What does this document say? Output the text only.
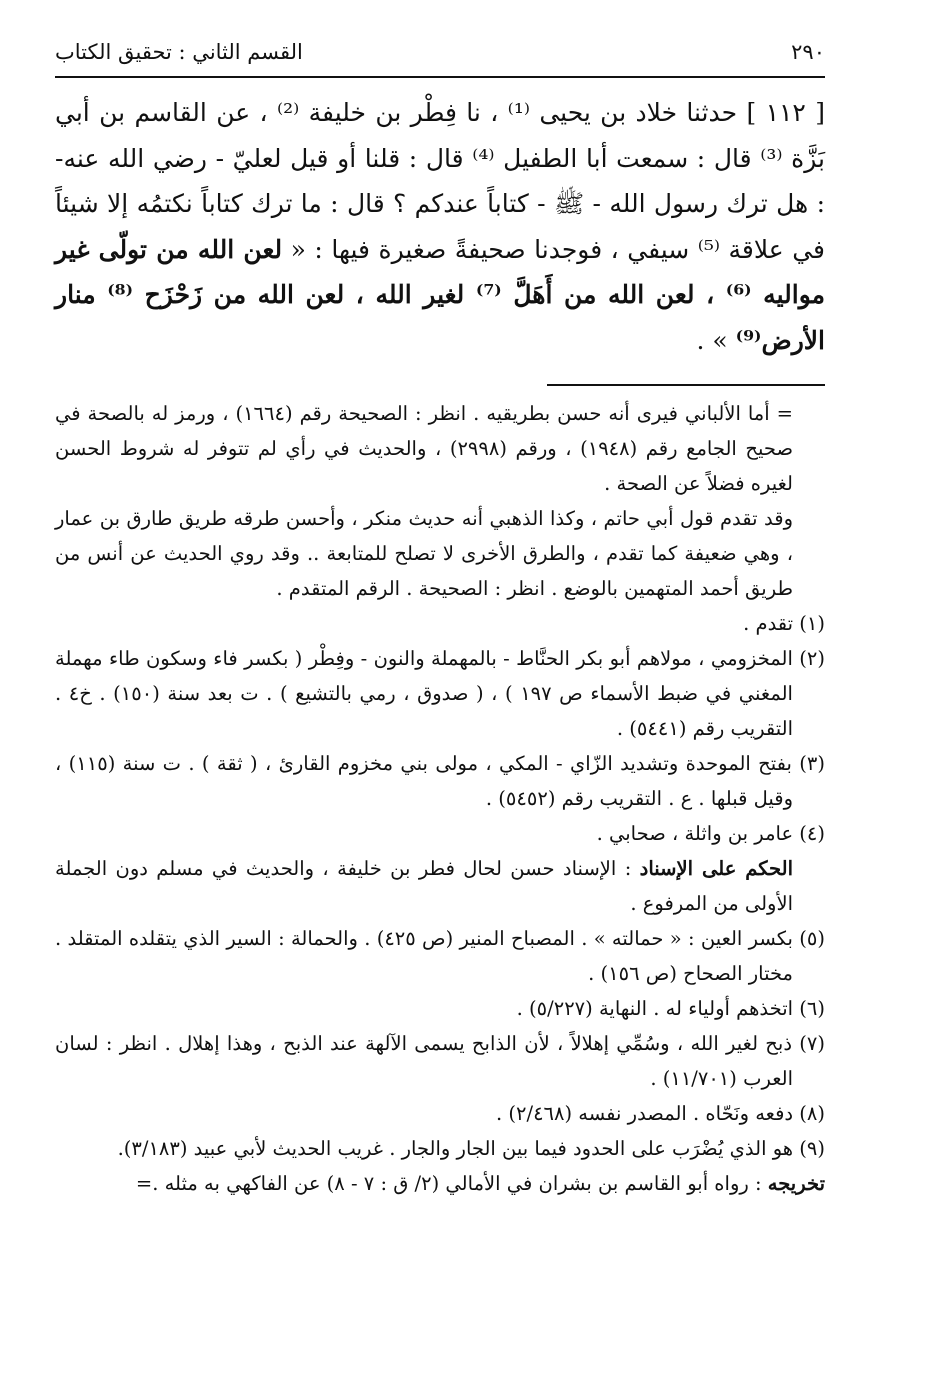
٢٩٠
القسم الثاني : تحقيق الكتاب
[ ١١٢ ] حدثنا خلاد بن يحيى ⁽¹⁾ ، نا فِطْر بن خليفة ⁽²⁾ ، عن القاسم بن أبي بَزَّة ⁽³⁾ قال : سمعت أبا الطفيل ⁽⁴⁾ قال : قلنا أو قيل لعليّ - رضي الله عنه- : هل ترك رسول الله - ﷺ - كتاباً عندكم ؟ قال : ما ترك كتاباً نكتمُه إلا شيئاً في علاقة ⁽⁵⁾ سيفي ، فوجدنا صحيفةً صغيرة فيها : « لعن الله من تولّى غير مواليه ⁽⁶⁾ ، لعن الله من أَهَلَّ ⁽⁷⁾ لغير الله ، لعن الله من زَحْزَح ⁽⁸⁾ منار الأرض⁽⁹⁾ » .

= أما الألباني فيرى أنه حسن بطريقيه . انظر : الصحيحة رقم (١٦٦٤) ، ورمز له بالصحة في صحيح الجامع رقم (١٩٤٨) ، ورقم (٢٩٩٨) ، والحديث في رأي لم تتوفر له شروط الحسن لغيره فضلاً عن الصحة .

وقد تقدم قول أبي حاتم ، وكذا الذهبي أنه حديث منكر ، وأحسن طرقه طريق طارق بن عمار ، وهي ضعيفة كما تقدم ، والطرق الأخرى لا تصلح للمتابعة .. وقد روي الحديث عن أنس من طريق أحمد المتهمين بالوضع . انظر : الصحيحة . الرقم المتقدم .

(١) تقدم .

(٢) المخزومي ، مولاهم أبو بكر الحنَّاط - بالمهملة والنون - وفِطْر ( بكسر فاء وسكون طاء مهملة المغني في ضبط الأسماء ص ١٩٧ ) ، ( صدوق ، رمي بالتشيع ) . ت بعد سنة (١٥٠) . خ٤ . التقريب رقم (٥٤٤١) .

(٣) بفتح الموحدة وتشديد الزّاي - المكي ، مولى بني مخزوم القارئ ، ( ثقة ) . ت سنة (١١٥) ، وقيل قبلها . ع . التقريب رقم (٥٤٥٢) .

(٤) عامر بن واثلة ، صحابي .

الحكم على الإسناد : الإسناد حسن لحال فطر بن خليفة ، والحديث في مسلم دون الجملة الأولى من المرفوع .

(٥) بكسر العين : « حمالته » . المصباح المنير (ص ٤٢٥) . والحمالة : السير الذي يتقلده المتقلد . مختار الصحاح (ص ١٥٦) .

(٦) اتخذهم أولياء له . النهاية (٥/٢٢٧) .

(٧) ذبح لغير الله ، وسُمِّي إهلالاً ، لأن الذابح يسمى الآلهة عند الذبح ، وهذا إهلال . انظر : لسان العرب (١١/٧٠١) .

(٨) دفعه ونَحّاه . المصدر نفسه (٢/٤٦٨) .

(٩) هو الذي يُضْرَب على الحدود فيما بين الجار والجار . غريب الحديث لأبي عبيد (٣/١٨٣).

تخريجه : رواه أبو القاسم بن بشران في الأمالي (٢/ ق : ٧ - ٨) عن الفاكهي به مثله .=
